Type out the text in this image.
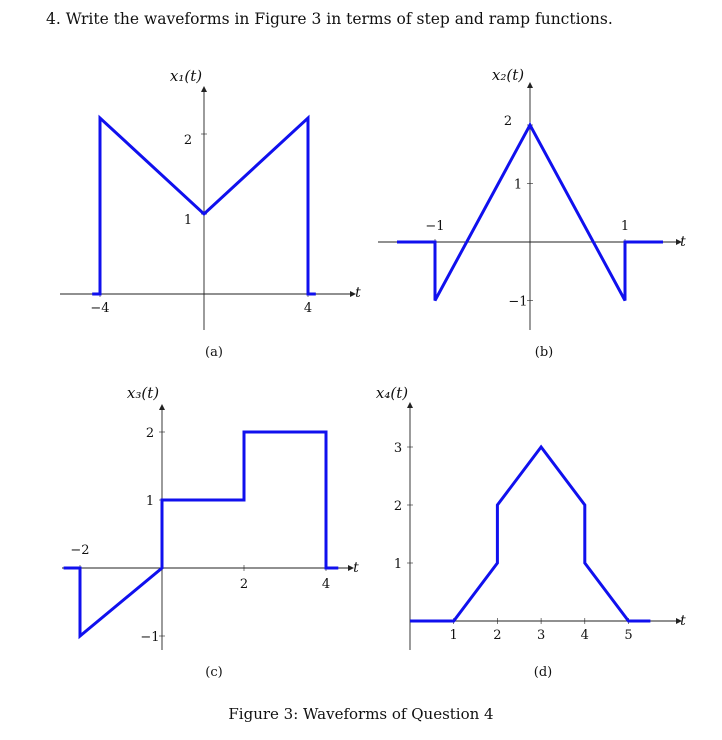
4. Write the waveforms in Figure 3 in terms of step and ramp functions.
−4	4
1
2
x₁(t)
t
(a)
−1	1
−1
1
2
x₂(t)
t
(b)
−2
2	4
−1
1
2
x₃(t)
t
(c)
1	2	3	4	5
1
2
3
x₄(t)
t
(d)
Figure 3: Waveforms of Question 4
